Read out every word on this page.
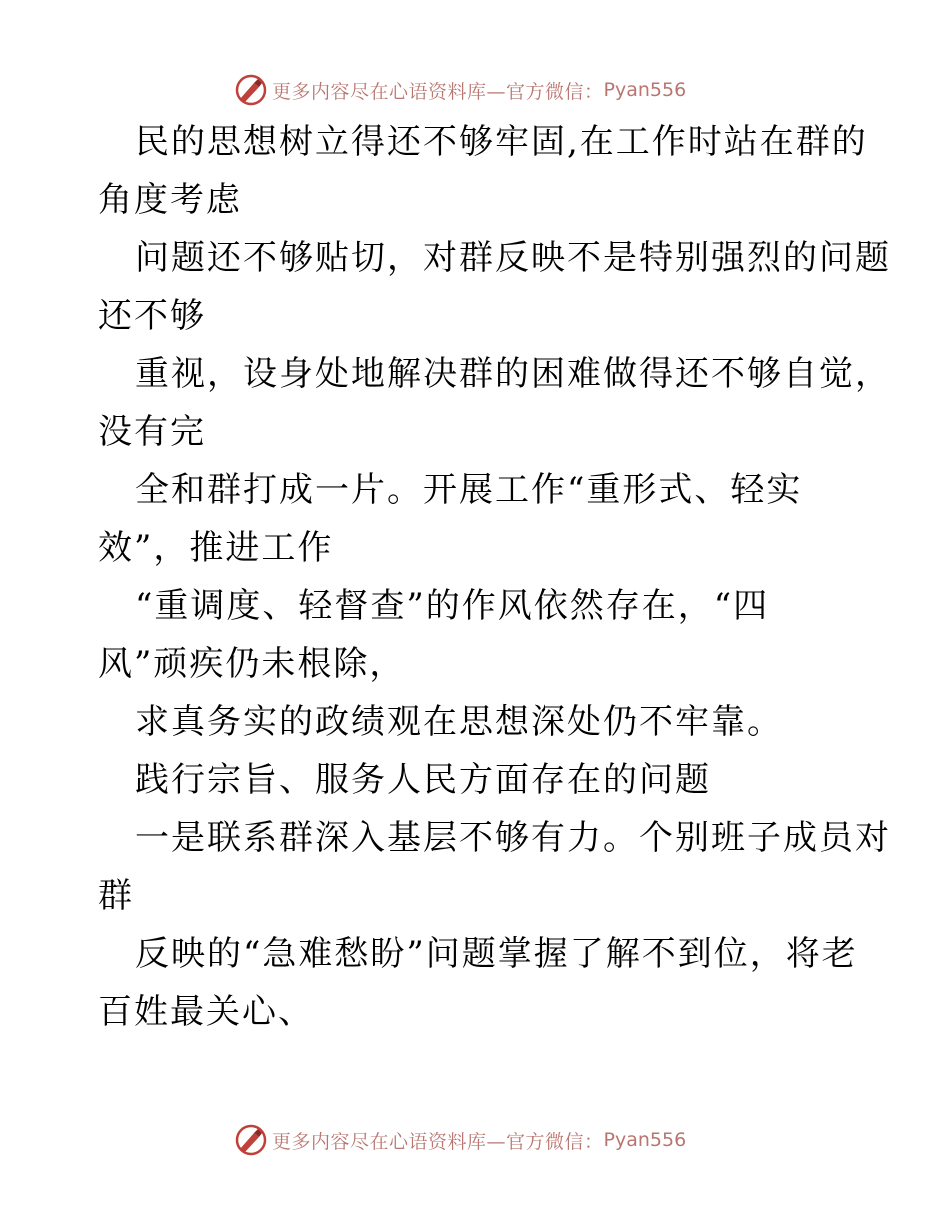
更多内容尽在心语资料库—官方微信： Pyan556
民的思想树立得还不够牢固,在工作时站在群的
角度考虑
问题还不够贴切，对群反映不是特别强烈的问题
还不够
重视，设身处地解决群的困难做得还不够自觉，
没有完
全和群打成一片。开展工作“重形式、轻实
效”，推进工作
“重调度、轻督查”的作风依然存在，“四
风”顽疾仍未根除，
求真务实的政绩观在思想深处仍不牢靠。
践行宗旨、服务人民方面存在的问题
一是联系群深入基层不够有力。个别班子成员对
群
反映的“急难愁盼”问题掌握了解不到位，将老
百姓最关心、
更多内容尽在心语资料库—官方微信： Pyan556
